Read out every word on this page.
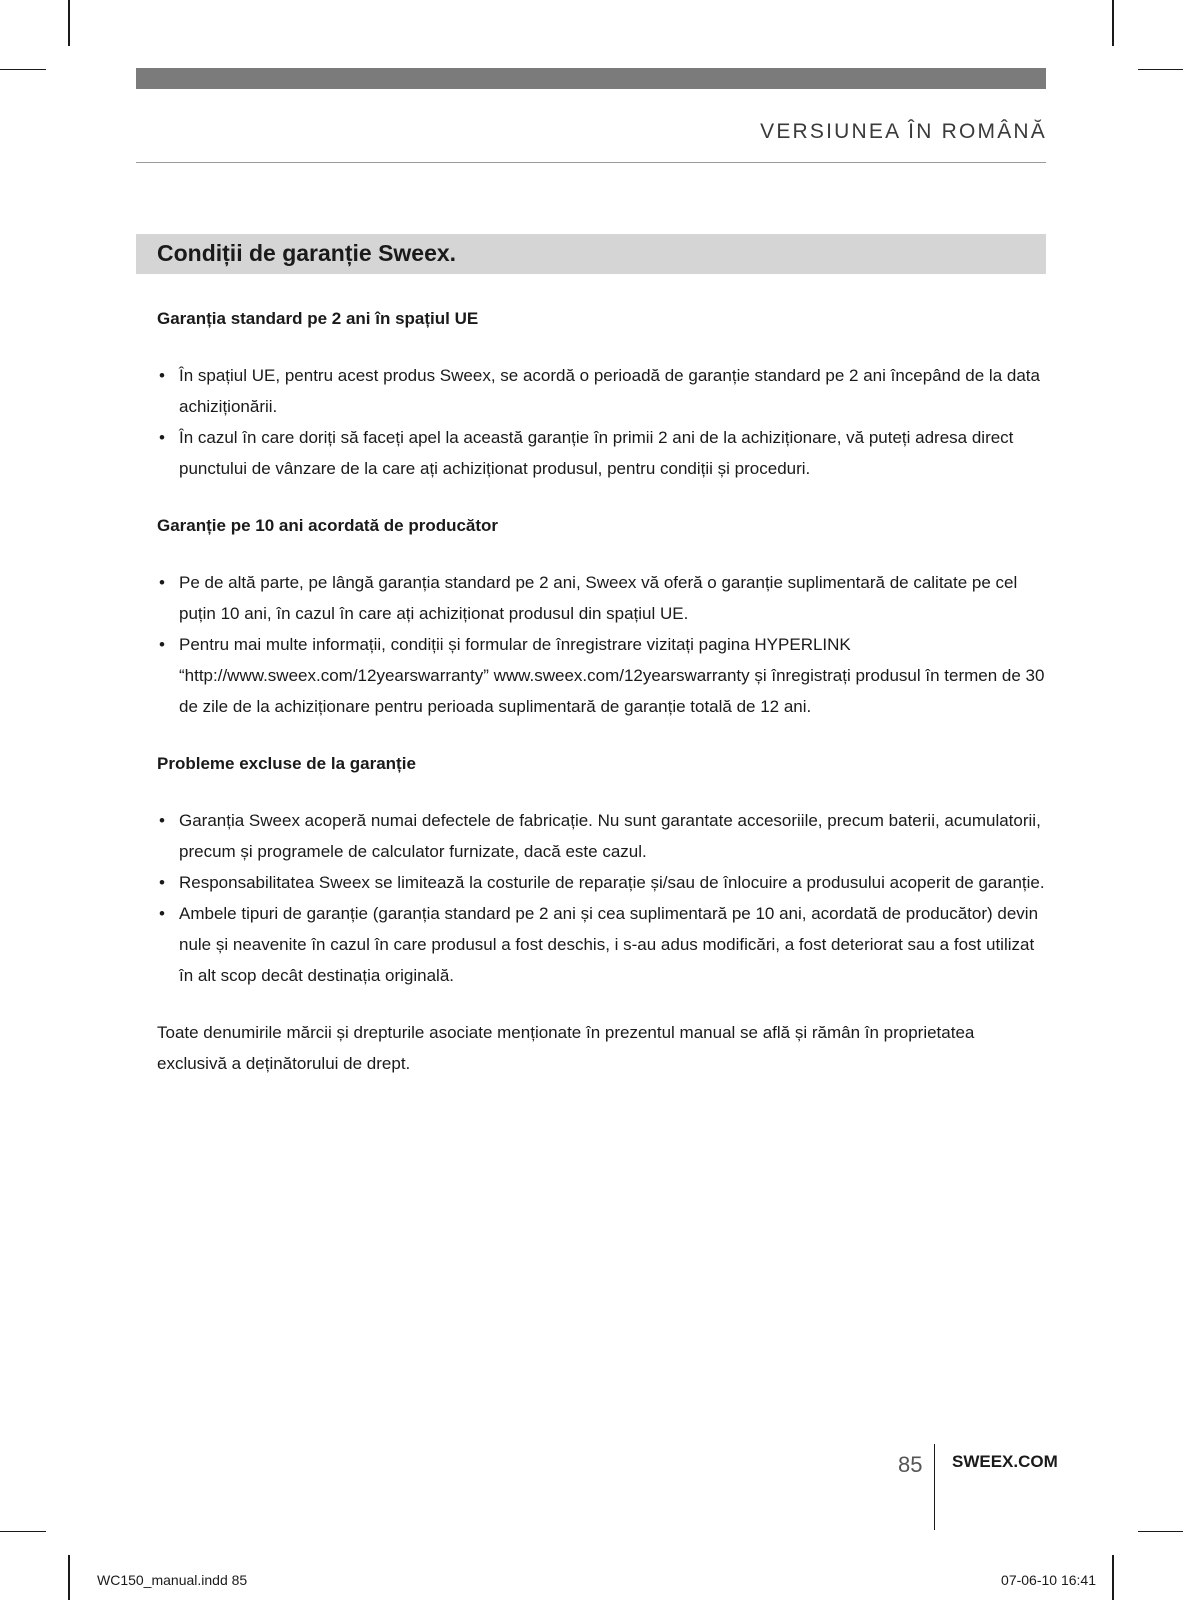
VERSIUNEA ÎN ROMÂNĂ
Condiții de garanție Sweex.
Garanția standard pe 2 ani în spațiul UE
• În spațiul UE, pentru acest produs Sweex, se acordă o perioadă de garanție standard pe 2 ani începând de la data achiziționării.
• În cazul în care doriți să faceți apel la această garanție în primii 2 ani de la achiziționare, vă puteți adresa direct punctului de vânzare de la care ați achiziționat produsul, pentru condiții și proceduri.
Garanție pe 10 ani acordată de producător
• Pe de altă parte, pe lângă garanția standard pe 2 ani, Sweex vă oferă o garanție suplimentară de calitate pe cel puțin 10 ani, în cazul în care ați achiziționat produsul din spațiul UE.
• Pentru mai multe informații, condiții și formular de înregistrare vizitați pagina HYPERLINK “http://www.sweex.com/12yearswarranty” www.sweex.com/12yearswarranty și înregistrați produsul în termen de 30 de zile de la achiziționare pentru perioada suplimentară de garanție totală de 12 ani.
Probleme excluse de la garanție
• Garanția Sweex acoperă numai defectele de fabricație. Nu sunt garantate accesoriile, precum baterii, acumulatorii, precum și programele de calculator furnizate, dacă este cazul.
• Responsabilitatea Sweex se limitează la costurile de reparație și/sau de înlocuire a produsului acoperit de garanție.
• Ambele tipuri de garanție (garanția standard pe 2 ani și cea suplimentară pe 10 ani, acordată de producător) devin nule și neavenite în cazul în care produsul a fost deschis, i s-au adus modificări, a fost deteriorat sau a fost utilizat în alt scop decât destinația originală.

Toate denumirile mărcii și drepturile asociate menționate în prezentul manual se află și rămân în proprietatea exclusivă a deținătorului de drept.

85 SWEEX.COM
WC150_manual.indd 85	07-06-10 16:41
